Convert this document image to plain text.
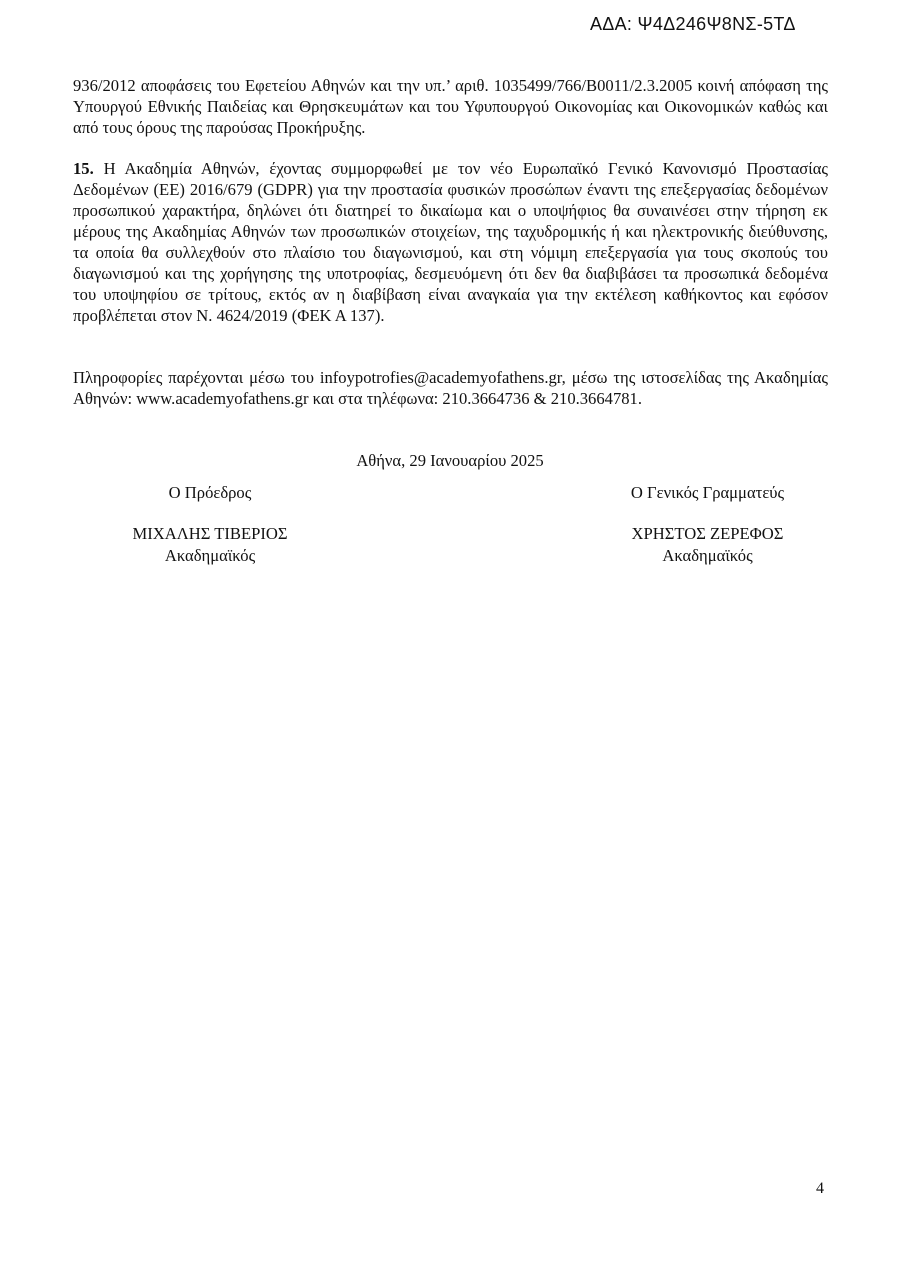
ΑΔΑ: Ψ4Δ246Ψ8ΝΣ-5ΤΔ

936/2012 αποφάσεις του Εφετείου Αθηνών και την υπ.’ αριθ. 1035499/766/Β0011/2.3.2005 κοινή απόφαση της Υπουργού Εθνικής Παιδείας και Θρησκευμάτων και του Υφυπουργού Οικονομίας και Οικονομικών καθώς και από τους όρους της παρούσας Προκήρυξης.

15. Η Ακαδημία Αθηνών, έχοντας συμμορφωθεί με τον νέο Ευρωπαϊκό Γενικό Κανονισμό Προστασίας Δεδομένων (ΕΕ) 2016/679 (GDPR) για την προστασία φυσικών προσώπων έναντι της επεξεργασίας δεδομένων προσωπικού χαρακτήρα, δηλώνει ότι διατηρεί το δικαίωμα και ο υποψήφιος θα συναινέσει στην τήρηση εκ μέρους της Ακαδημίας Αθηνών των προσωπικών στοιχείων, της ταχυδρομικής ή και ηλεκτρονικής διεύθυνσης, τα οποία θα συλλεχθούν στο πλαίσιο του διαγωνισμού, και στη νόμιμη επεξεργασία για τους σκοπούς του διαγωνισμού και της χορήγησης της υποτροφίας, δεσμευόμενη ότι δεν θα διαβιβάσει τα προσωπικά δεδομένα του υποψηφίου σε τρίτους, εκτός αν η διαβίβαση είναι αναγκαία για την εκτέλεση καθήκοντος και εφόσον προβλέπεται στον Ν. 4624/2019 (ΦΕΚ Α 137).

Πληροφορίες παρέχονται μέσω του infoypotrofies@academyofathens.gr, μέσω της ιστοσελίδας της Ακαδημίας Αθηνών: www.academyofathens.gr και στα τηλέφωνα: 210.3664736 & 210.3664781.

Αθήνα, 29 Ιανουαρίου 2025
Ο Πρόεδρος
ΜΙΧΑΛΗΣ ΤΙΒΕΡΙΟΣ
Ακαδημαϊκός
Ο Γενικός Γραμματεύς
ΧΡΗΣΤΟΣ ΖΕΡΕΦΟΣ
Ακαδημαϊκός
4
